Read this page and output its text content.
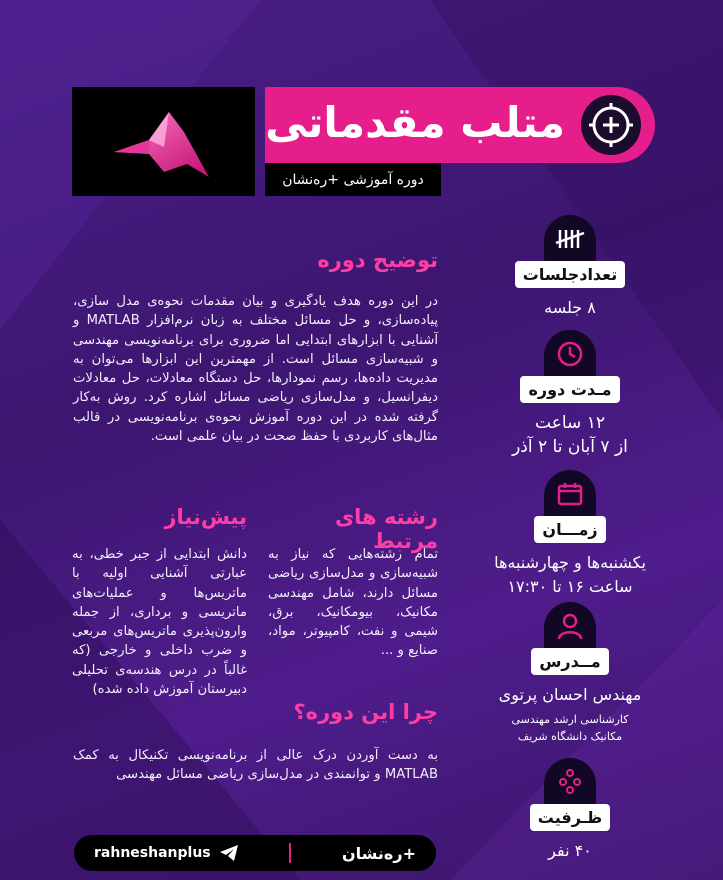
متلب مقدماتی
دوره آموزشی +ره‌نشان
توضیح دوره
در این دوره هدف یادگیری و بیان مقدمات نحوه‌ی مدل سازی، پیاده‌سازی، و حل مسائل مختلف به زبان نرم‌افزار MATLAB و آشنایی با ابزارهای ابتدایی اما ضروری برای برنامه‌نویسی مهندسی و شبیه‌سازی مسائل است. از مهمترین این ابزارها می‌توان به مدیریت داده‌ها، رسم نمودارها، حل دستگاه معادلات، حل معادلات دیفرانسیل، و مدل‌سازی ریاضی مسائل اشاره کرد. روش به‌کار گرفته شده در این دوره آموزش نحوه‌ی برنامه‌نویسی در قالب مثال‌های کاربردی با حفظ صحت در بیان علمی است.
رشته های مرتبط
تمام رشته‌هایی که نیاز به شبیه‌سازی و مدل‌سازی ریاضی مسائل دارند، شامل مهندسی مکانیک، بیومکانیک، برق، شیمی و نفت، کامپیوتر، مواد، صنایع و ...
پیش‌نیاز
دانش ابتدایی از جبر خطی، به عبارتی آشنایی اولیه با ماتریس‌ها و عملیات‌های ماتریسی و برداری، از جمله وارون‌پذیری ماتریس‌های مربعی و ضرب داخلی و خارجی (که غالباً در درس هندسه‌ی تحلیلی دبیرستان آموزش داده شده)
چرا این دوره؟
به دست آوردن درک عالی از برنامه‌نویسی تکنیکال به کمک MATLAB و توانمندی در مدل‌سازی ریاضی مسائل مهندسی
تعدادجلسات
۸ جلسه
مـدت دوره
۱۲ ساعت
از ۷ آبان تا ۲ آذر
زمـــان
یکشنبه‌ها و چهارشنبه‌ها
ساعت ۱۶ تا ۱۷:۳۰
مــدرس
مهندس احسان پرتوی
کارشناسی ارشد مهندسی
مکانیک دانشگاه شریف
ظـرفیت
۴۰ نفر
rahneshanplus	+ره‌نشان
